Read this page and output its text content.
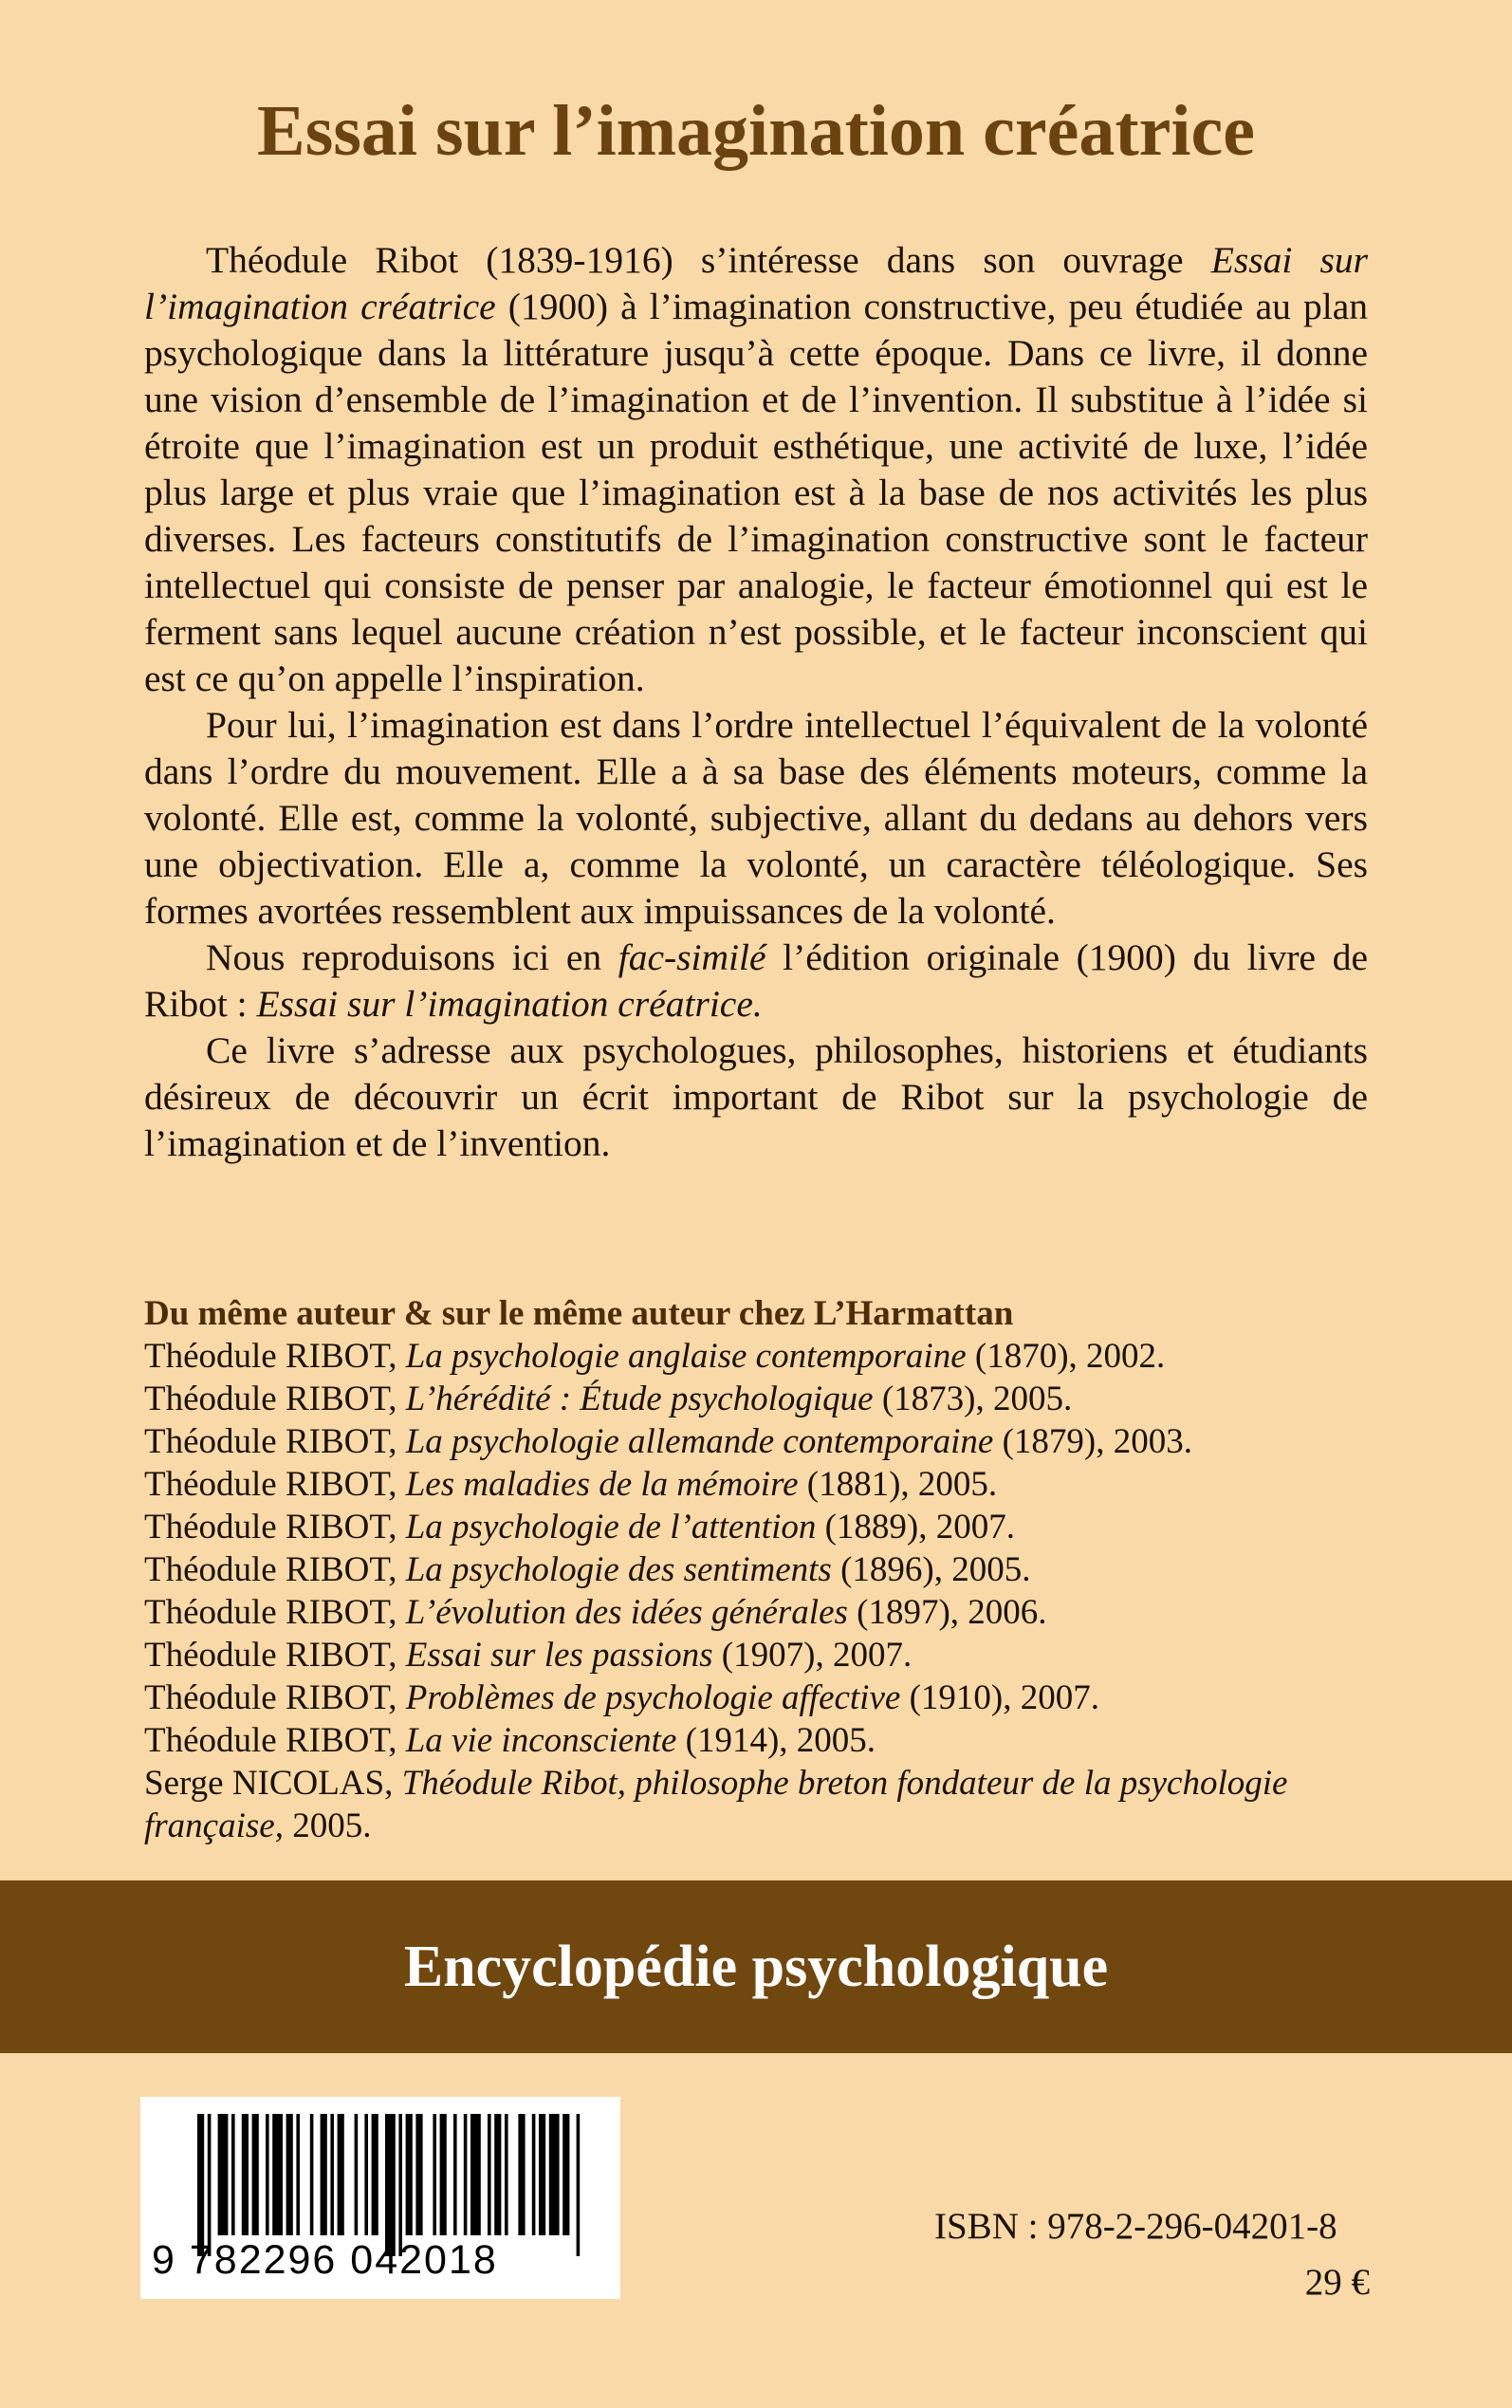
Essai sur l’imagination créatrice

Théodule Ribot (1839-1916) s’intéresse dans son ouvrage Essai sur l’imagination créatrice (1900) à l’imagination constructive, peu étudiée au plan psychologique dans la littérature jusqu’à cette époque. Dans ce livre, il donne une vision d’ensemble de l’imagination et de l’invention. Il substitue à l’idée si étroite que l’imagination est un produit esthétique, une activité de luxe, l’idée plus large et plus vraie que l’imagination est à la base de nos activités les plus diverses. Les facteurs constitutifs de l’imagination constructive sont le facteur intellectuel qui consiste de penser par analogie, le facteur émotionnel qui est le ferment sans lequel aucune création n’est possible, et le facteur inconscient qui est ce qu’on appelle l’inspiration.

Pour lui, l’imagination est dans l’ordre intellectuel l’équivalent de la volonté dans l’ordre du mouvement. Elle a à sa base des éléments moteurs, comme la volonté. Elle est, comme la volonté, subjective, allant du dedans au dehors vers une objectivation. Elle a, comme la volonté, un caractère téléologique. Ses formes avortées ressemblent aux impuissances de la volonté.

Nous reproduisons ici en fac-similé l’édition originale (1900) du livre de Ribot : Essai sur l’imagination créatrice.

Ce livre s’adresse aux psychologues, philosophes, historiens et étudiants désireux de découvrir un écrit important de Ribot sur la psychologie de l’imagination et de l’invention.

Du même auteur & sur le même auteur chez L’Harmattan
Théodule RIBOT, La psychologie anglaise contemporaine (1870), 2002.
Théodule RIBOT, L’hérédité : Étude psychologique (1873), 2005.
Théodule RIBOT, La psychologie allemande contemporaine (1879), 2003.
Théodule RIBOT, Les maladies de la mémoire (1881), 2005.
Théodule RIBOT, La psychologie de l’attention (1889), 2007.
Théodule RIBOT, La psychologie des sentiments (1896), 2005.
Théodule RIBOT, L’évolution des idées générales (1897), 2006.
Théodule RIBOT, Essai sur les passions (1907), 2007.
Théodule RIBOT, Problèmes de psychologie affective (1910), 2007.
Théodule RIBOT, La vie inconsciente (1914), 2005.
Serge NICOLAS, Théodule Ribot, philosophe breton fondateur de la psychologie française, 2005.
Encyclopédie psychologique
9 782296 042018
ISBN : 978-2-296-04201-8
29 €
